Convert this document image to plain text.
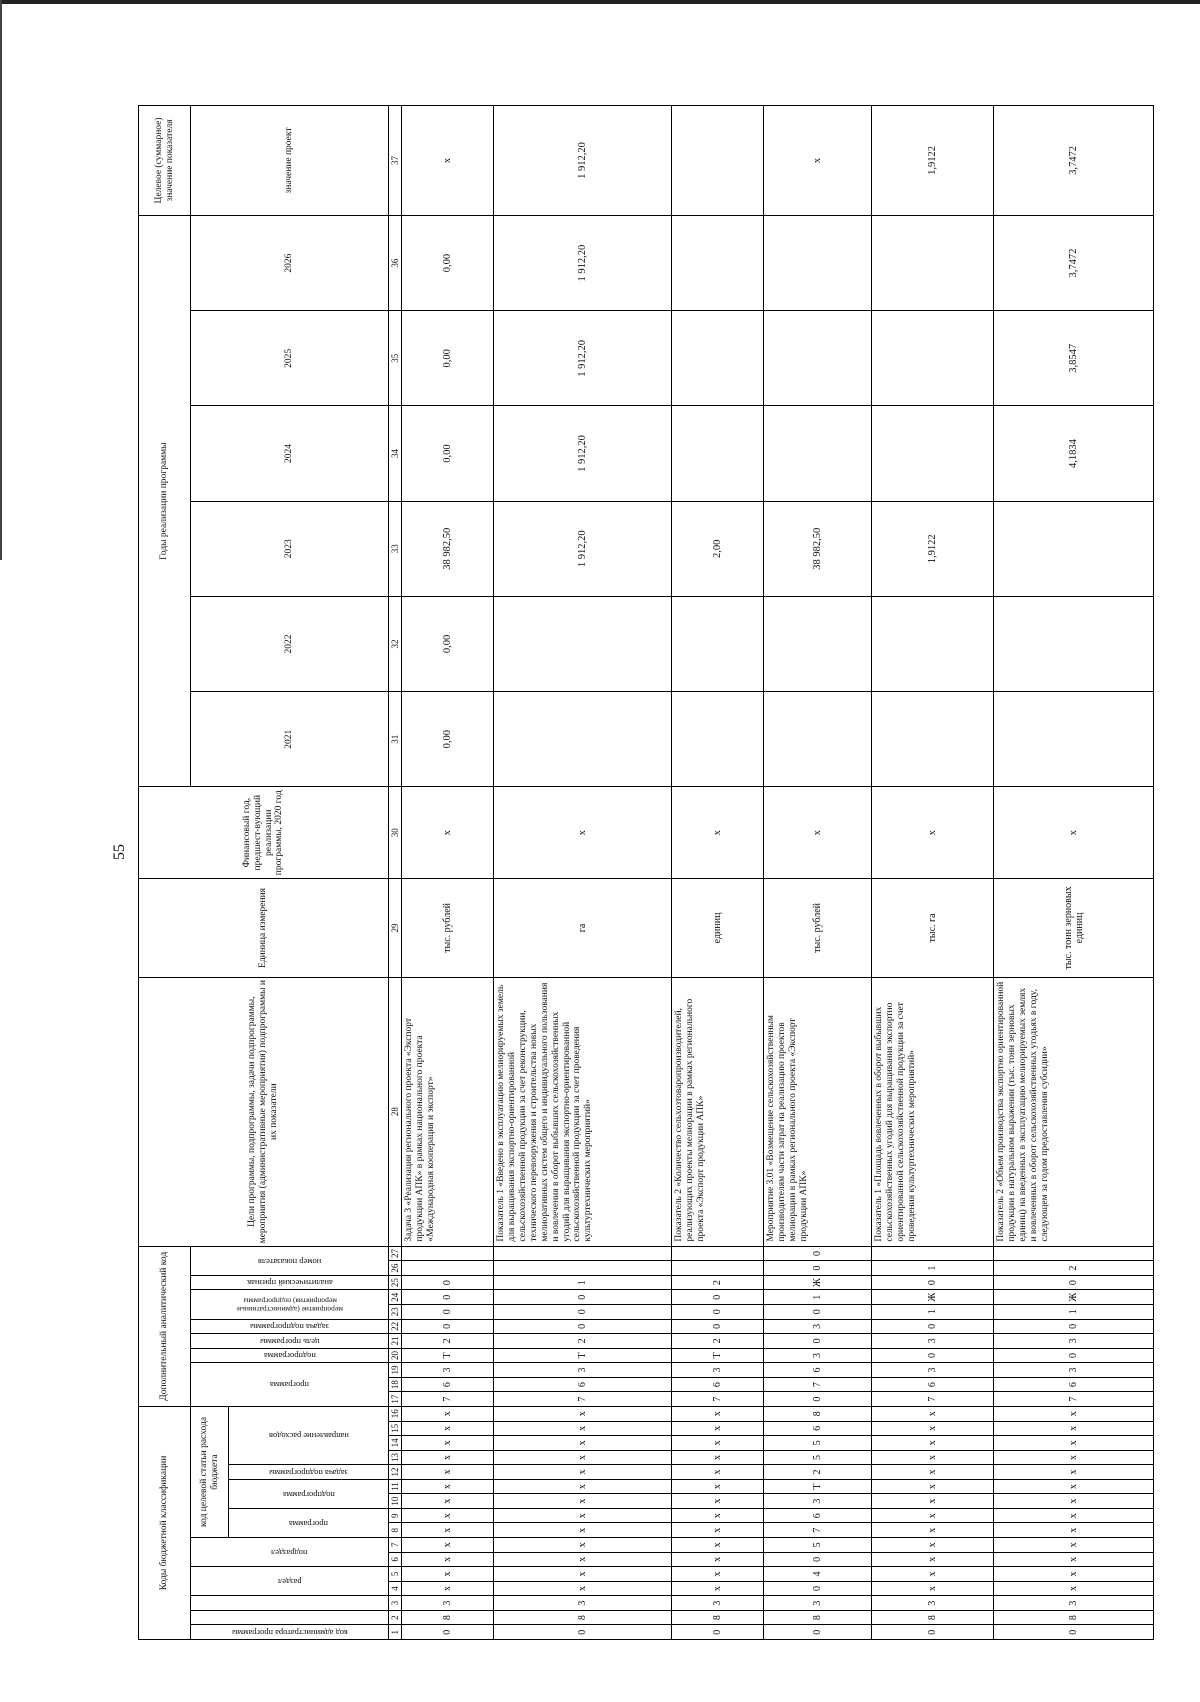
55
Коды бюджетной классификации																Дополнительный аналитический код											Цели программы, подпрограммы, задачи подпрограммы, мероприятия (административные мероприятия) подпрограммы и их показатели	Единица измерения	Финансовый год, предшест-вующий реализации программы, 2020 год	Годы реализации программы						Целевое (суммарное) значение показателя

код администратора программы			раздел		подраздел		код целевой статьи расхода бюджета									программа			подпрограмма	цель программы	задача подпрограммы	мероприятие (административные мероприятия) подпрограммы		аналитический признак	номер показателя					2021	2022	2023	2024	2025	2026	значение проект

							программа		подпрограмма		задача подпрограммы	направление расходов																								

1	2	3	4	5	6	7	8	9	10	11	12	13	14	15	16	17	18	19	20	21	22	23	24	25	26	27	28	29	30	31	32	33	34	35	36	37
0	8	3	х	х	х	х	х	х	х	х	х	х	х	х	х	7	6	3	Т	2	0	0	0	0			Задача 3 «Реализация регионального проекта «Экспорт продукции АПК» в рамках национального проекта «Международная кооперация и экспорт»	тыс. рублей	х	0,00	0,00	38 982,50	0,00	0,00	0,00	х
0	8	3	х	х	х	х	х	х	х	х	х	х	х	х	х	7	6	3	Т	2	0	0	0	1			Показатель 1 «Введено в эксплуатацию мелиорируемых земель для выращивания экспортно-ориентированной сельскохозяйственной продукции за счет реконструкции, технического перевооружения и строительства новых мелиоративных систем общего и индивидуального пользования и вовлечения в оборот выбывших сельскохозяйственных угодий для выращивания экспортно-ориентированной сельскохозяйственной продукции за счет проведения культуртехнических мероприятий»	га	х			1 912,20	1 912,20	1 912,20	1 912,20	1 912,20
0	8	3	х	х	х	х	х	х	х	х	х	х	х	х	х	7	6	3	Т	2	0	0	0	2			Показатель 2 «Количество сельхозтоваропроизводителей, реализующих проекты мелиорации в рамках регионального проекта «Экспорт продукции АПК»	единиц	х			2,00				
0	8	3	0	4	0	5	7	6	3	Т	2	5	5	6	8	0	7	6	3	0	3	0	1	Ж	0	0	Мероприятие 3.01 «Возмещение сельскохозяйственным производителям части затрат на реализацию проектов мелиорации в рамках регионального проекта «Экспорт продукции АПК»	тыс. рублей	х			38 982,50				х
0	8	3	х	х	х	х	х	х	х	х	х	х	х	х	х	7	6	3	0	3	0	1	Ж	0	1		Показатель 1 «Площадь вовлеченных в оборот выбывших сельскохозяйственных угодий для выращивания экспортно ориентированной сельскохозяйственной продукции за счет проведения культуртехнических мероприятий»	тыс. га	х			1,9122				1,9122
0	8	3	х	х	х	х	х	х	х	х	х	х	х	х	х	7	6	3	0	3	0	1	Ж	0	2		Показатель 2 «Объем производства экспортно ориентированной продукции в натуральном выражении (тыс. тонн зерновых единиц) на введенных в эксплуатацию мелиорируемых землях и вовлеченных в оборот сельскохозяйственных угодьях в году, следующем за годом предоставления субсидии»	тыс. тонн зерновых единиц	х				4,1834	3,8547	3,7472	3,7472
